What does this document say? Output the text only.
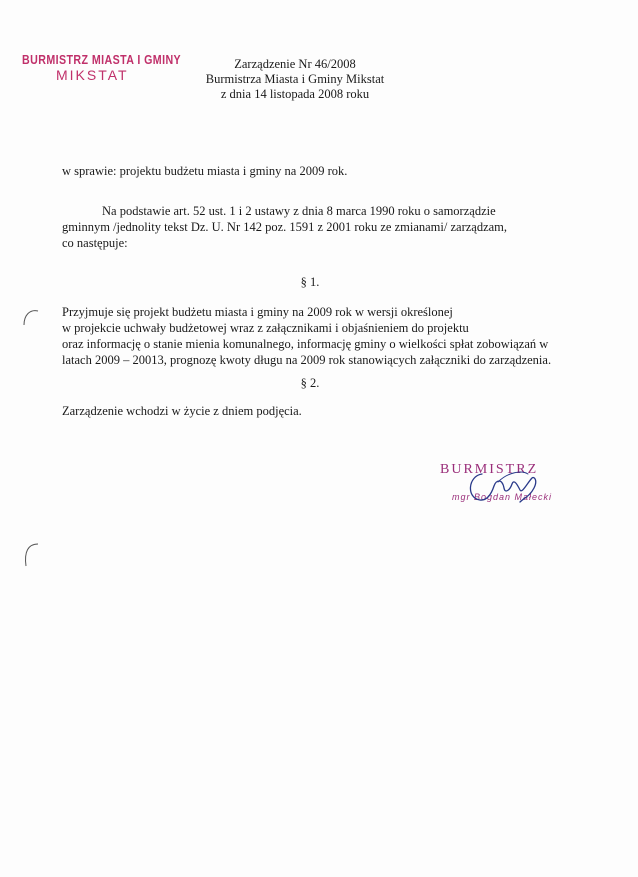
BURMISTRZ MIASTA I GMINY
MIKSTAT
Zarządzenie Nr 46/2008
Burmistrza Miasta i Gminy Mikstat
z dnia 14 listopada 2008 roku
w sprawie: projektu budżetu miasta i gminy na 2009 rok.
Na podstawie art. 52 ust. 1 i 2 ustawy z dnia 8 marca 1990 roku o samorządzie
gminnym /jednolity tekst Dz. U. Nr 142 poz. 1591 z 2001 roku ze zmianami/ zarządzam,
co następuje:
§ 1.
Przyjmuje się projekt budżetu miasta i gminy na 2009 rok w wersji określonej
w projekcie uchwały budżetowej wraz z załącznikami i objaśnieniem do projektu
oraz informację o stanie mienia komunalnego, informację gminy o wielkości spłat zobowiązań w
latach 2009 – 20013, prognozę kwoty długu na 2009 rok stanowiących załączniki do zarządzenia.
§ 2.
Zarządzenie wchodzi w życie z dniem podjęcia.
BURMISTRZ
mgr Bogdan Małecki
